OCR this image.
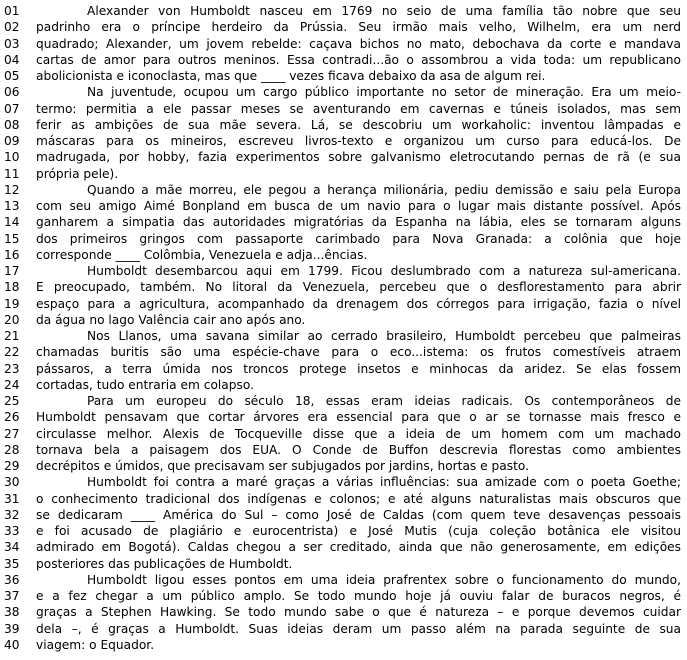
01	Alexander von Humboldt nasceu em 1769 no seio de uma família tão nobre que seu
02	padrinho era o príncipe herdeiro da Prússia. Seu irmão mais velho, Wilhelm, era um nerd
03	quadrado; Alexander, um jovem rebelde: caçava bichos no mato, debochava da corte e mandava
04	cartas de amor para outros meninos. Essa contradi...ão o assombrou a vida toda: um republicano
05	abolicionista e iconoclasta, mas que ____ vezes ficava debaixo da asa de algum rei.
06	Na juventude, ocupou um cargo público importante no setor de mineração. Era um meio-
07	termo: permitia a ele passar meses se aventurando em cavernas e túneis isolados, mas sem
08	ferir as ambições de sua mãe severa. Lá, se descobriu um workaholic: inventou lâmpadas e
09	máscaras para os mineiros, escreveu livros-texto e organizou um curso para educá-los. De
10	madrugada, por hobby, fazia experimentos sobre galvanismo eletrocutando pernas de rã (e sua
11	própria pele).
12	Quando a mãe morreu, ele pegou a herança milionária, pediu demissão e saiu pela Europa
13	com seu amigo Aimé Bonpland em busca de um navio para o lugar mais distante possível. Após
14	ganharem a simpatia das autoridades migratórias da Espanha na lábia, eles se tornaram alguns
15	dos primeiros gringos com passaporte carimbado para Nova Granada: a colônia que hoje
16	corresponde ____ Colômbia, Venezuela e adja...ências.
17	Humboldt desembarcou aqui em 1799. Ficou deslumbrado com a natureza sul-americana.
18	E preocupado, também. No litoral da Venezuela, percebeu que o desflorestamento para abrir
19	espaço para a agricultura, acompanhado da drenagem dos córregos para irrigação, fazia o nível
20	da água no lago Valência cair ano após ano.
21	Nos Llanos, uma savana similar ao cerrado brasileiro, Humboldt percebeu que palmeiras
22	chamadas buritis são uma espécie-chave para o eco...istema: os frutos comestíveis atraem
23	pássaros, a terra úmida nos troncos protege insetos e minhocas da aridez. Se elas fossem
24	cortadas, tudo entraria em colapso.
25	Para um europeu do século 18, essas eram ideias radicais. Os contemporâneos de
26	Humboldt pensavam que cortar árvores era essencial para que o ar se tornasse mais fresco e
27	circulasse melhor. Alexis de Tocqueville disse que a ideia de um homem com um machado
28	tornava bela a paisagem dos EUA. O Conde de Buffon descrevia florestas como ambientes
29	decrépitos e úmidos, que precisavam ser subjugados por jardins, hortas e pasto.
30	Humboldt foi contra a maré graças a várias influências: sua amizade com o poeta Goethe;
31	o conhecimento tradicional dos indígenas e colonos; e até alguns naturalistas mais obscuros que
32	se dedicaram ____ América do Sul – como José de Caldas (com quem teve desavenças pessoais
33	e foi acusado de plagiário e eurocentrista) e José Mutis (cuja coleção botânica ele visitou
34	admirado em Bogotá). Caldas chegou a ser creditado, ainda que não generosamente, em edições
35	posteriores das publicações de Humboldt.
36	Humboldt ligou esses pontos em uma ideia prafrentex sobre o funcionamento do mundo,
37	e a fez chegar a um público amplo. Se todo mundo hoje já ouviu falar de buracos negros, é
38	graças a Stephen Hawking. Se todo mundo sabe o que é natureza – e porque devemos cuidar
39	dela –, é graças a Humboldt. Suas ideias deram um passo além na parada seguinte de sua
40	viagem: o Equador.
